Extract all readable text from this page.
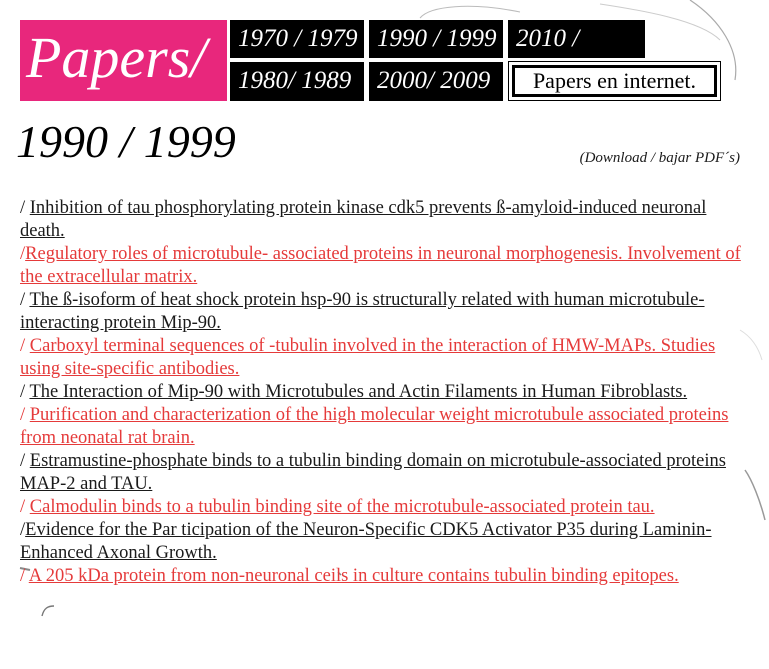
Papers/	1970 / 1979 1990 / 1999 2010 /
1980/ 1989	2000/ 2009	Papers en internet.
1990 / 1999	(Download / bajar PDF´s)

/ Inhibition of tau phosphorylating protein kinase cdk5 prevents ß-amyloid-induced neuronal death.

/Regulatory roles of microtubule- associated proteins in neuronal morphogenesis. Involvement of the extracellular matrix.

/ The ß-isoform of heat shock protein hsp-90 is structurally related with human microtubule-interacting protein Mip-90.

/ Carboxyl terminal sequences of -tubulin involved in the interaction of HMW-MAPs. Studies using site-specific antibodies.

/ The Interaction of Mip-90 with Microtubules and Actin Filaments in Human Fibroblasts.

/ Purification and characterization of the high molecular weight microtubule associated proteins from neonatal rat brain.

/ Estramustine-phosphate binds to a tubulin binding domain on microtubule-associated proteins MAP-2 and TAU.

/ Calmodulin binds to a tubulin binding site of the microtubule-associated protein tau.

/Evidence for the Par ticipation of the Neuron-Specific CDK5 Activator P35 during Laminin-Enhanced Axonal Growth.

/ A 205 kDa protein from non-neuronal ceils in culture contains tubulin binding epitopes.
